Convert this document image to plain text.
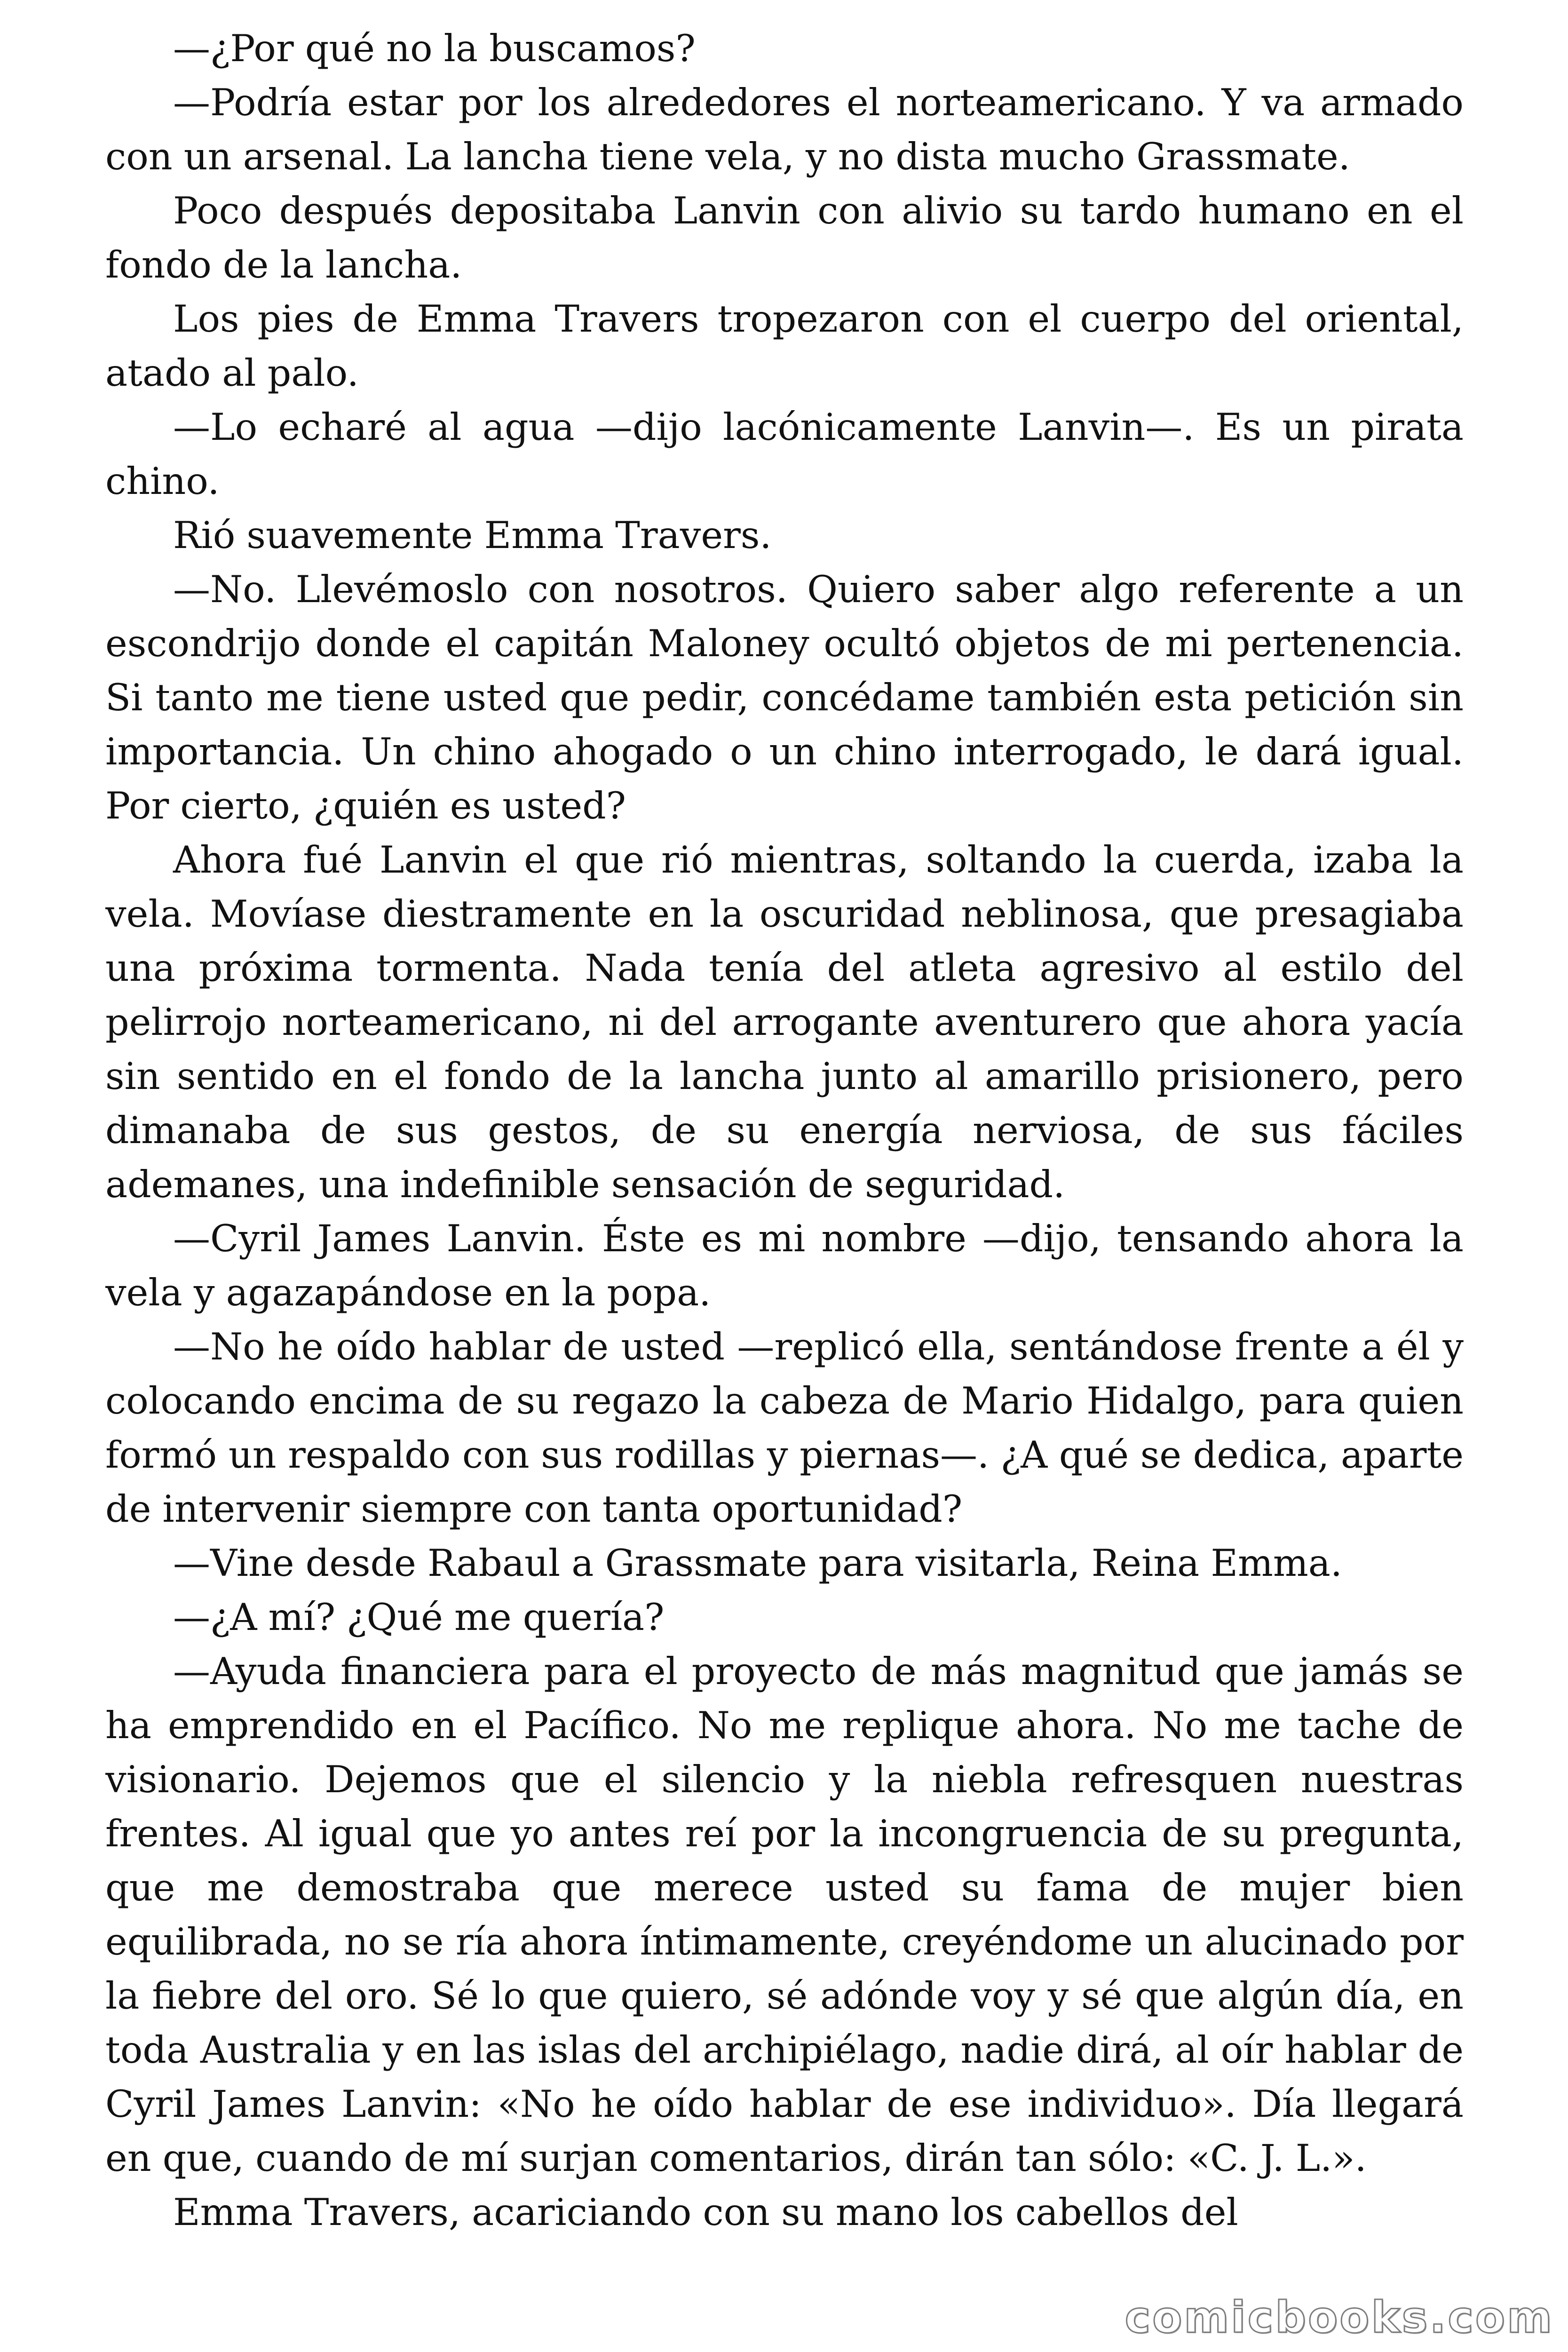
—¿Por qué no la buscamos?

—Podría estar por los alrededores el norteamericano. Y va armado con un arsenal. La lancha tiene vela, y no dista mucho Grassmate.

Poco después depositaba Lanvin con alivio su tardo humano en el fondo de la lancha.

Los pies de Emma Travers tropezaron con el cuerpo del oriental, atado al palo.

—Lo echaré al agua —dijo lacónicamente Lanvin—. Es un pirata chino.

Rió suavemente Emma Travers.

—No. Llevémoslo con nosotros. Quiero saber algo referente a un escondrijo donde el capitán Maloney ocultó objetos de mi pertenencia. Si tanto me tiene usted que pedir, concédame también esta petición sin importancia. Un chino ahogado o un chino interrogado, le dará igual. Por cierto, ¿quién es usted?

Ahora fué Lanvin el que rió mientras, soltando la cuerda, izaba la vela. Movíase diestramente en la oscuridad neblinosa, que presagiaba una próxima tormenta. Nada tenía del atleta agresivo al estilo del pelirrojo norteamericano, ni del arrogante aventurero que ahora yacía sin sentido en el fondo de la lancha junto al amarillo prisionero, pero dimanaba de sus gestos, de su energía nerviosa, de sus fáciles ademanes, una indefinible sensación de seguridad.

—Cyril James Lanvin. Éste es mi nombre —dijo, tensando ahora la vela y agazapándose en la popa.

—No he oído hablar de usted —replicó ella, sentándose frente a él y colocando encima de su regazo la cabeza de Mario Hidalgo, para quien formó un respaldo con sus rodillas y piernas—. ¿A qué se dedica, aparte de intervenir siempre con tanta oportunidad?

—Vine desde Rabaul a Grassmate para visitarla, Reina Emma.

—¿A mí? ¿Qué me quería?

—Ayuda financiera para el proyecto de más magnitud que jamás se ha emprendido en el Pacífico. No me replique ahora. No me tache de visionario. Dejemos que el silencio y la niebla refresquen nuestras frentes. Al igual que yo antes reí por la incongruencia de su pregunta, que me demostraba que merece usted su fama de mujer bien equilibrada, no se ría ahora íntimamente, creyéndome un alucinado por la fiebre del oro. Sé lo que quiero, sé adónde voy y sé que algún día, en toda Australia y en las islas del archipiélago, nadie dirá, al oír hablar de Cyril James Lanvin: «No he oído hablar de ese individuo». Día llegará en que, cuando de mí surjan comentarios, dirán tan sólo: «C. J. L.».

Emma Travers, acariciando con su mano los cabellos del

comicbooks.com
